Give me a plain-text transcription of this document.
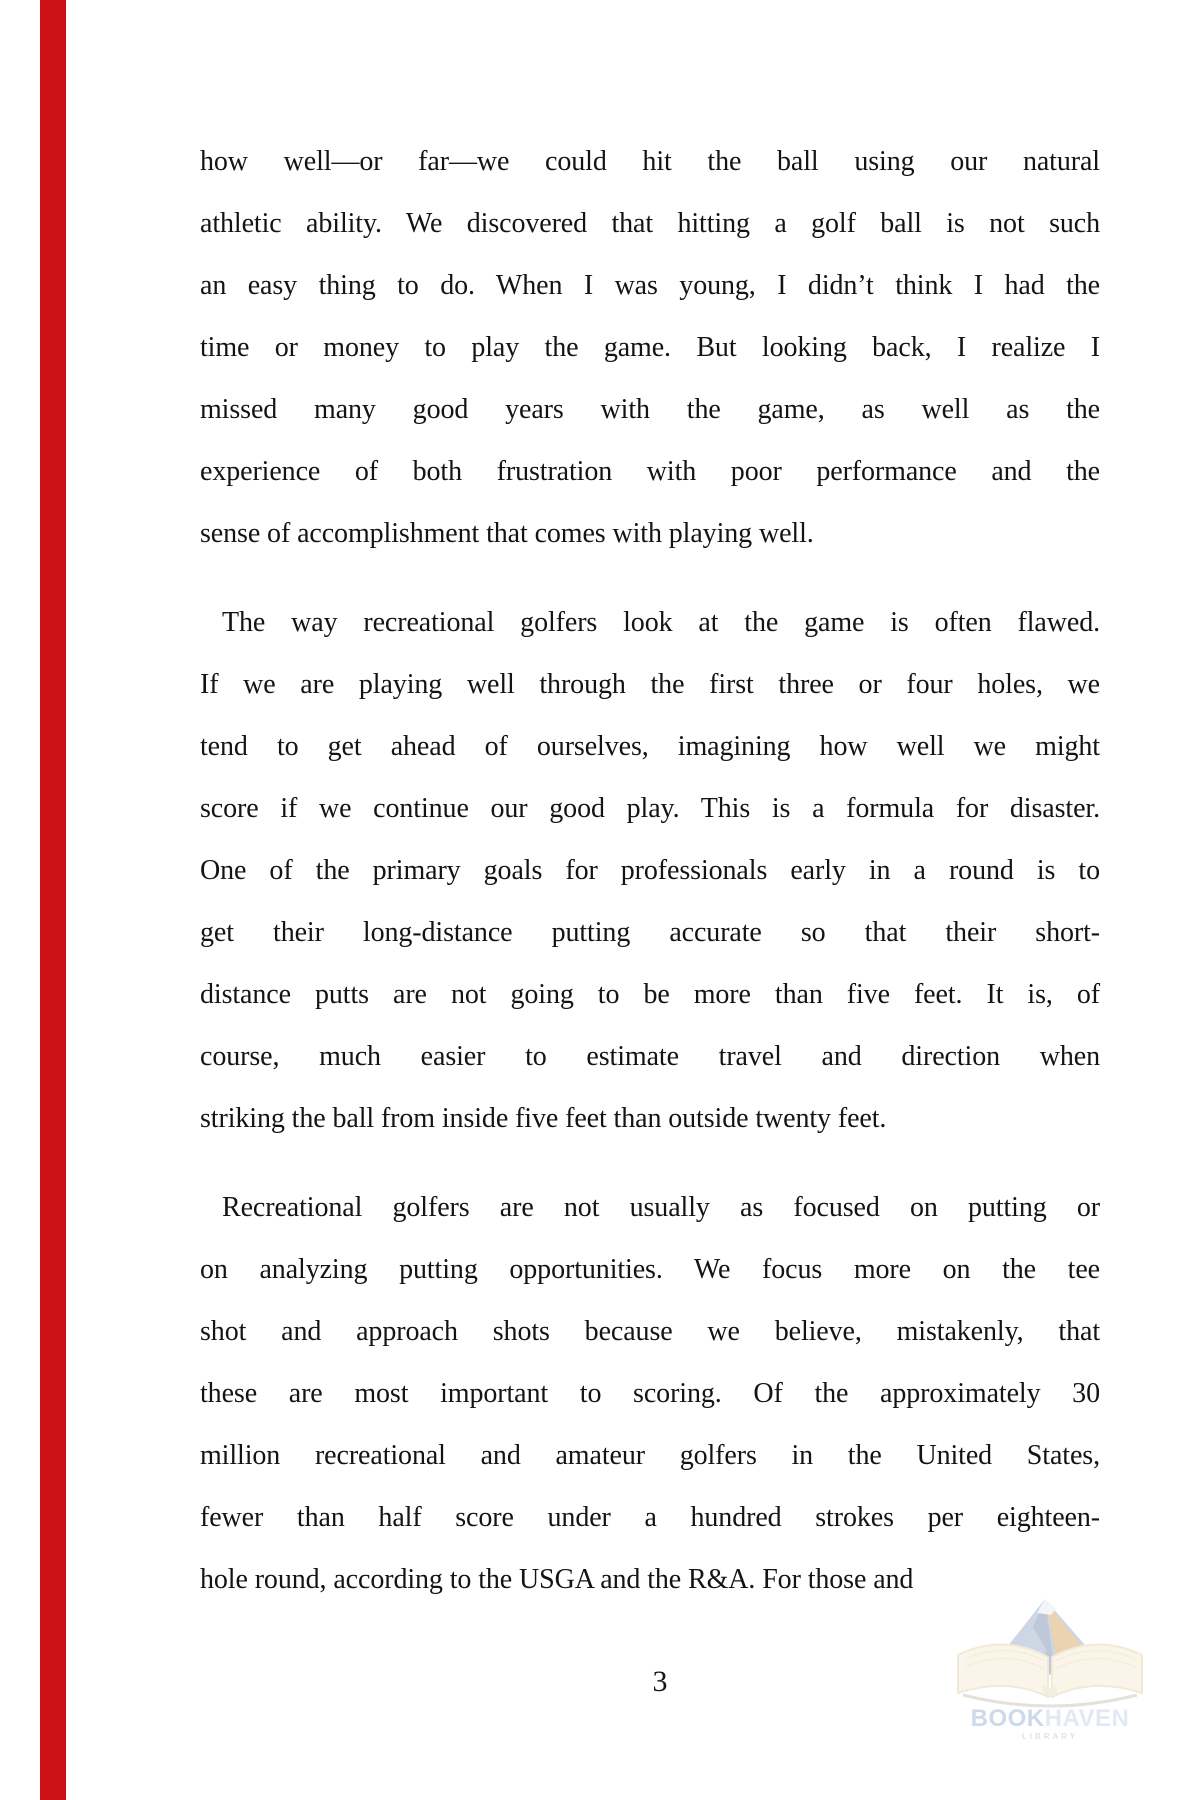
how well—or far—we could hit the ball using our natural
athletic ability. We discovered that hitting a golf ball is not such
an easy thing to do. When I was young, I didn’t think I had the
time or money to play the game. But looking back, I realize I
missed many good years with the game, as well as the
experience of both frustration with poor performance and the
sense of accomplishment that comes with playing well.
The way recreational golfers look at the game is often flawed.
If we are playing well through the first three or four holes, we
tend to get ahead of ourselves, imagining how well we might
score if we continue our good play. This is a formula for disaster.
One of the primary goals for professionals early in a round is to
get their long-distance putting accurate so that their short-
distance putts are not going to be more than five feet. It is, of
course, much easier to estimate travel and direction when
striking the ball from inside five feet than outside twenty feet.
Recreational golfers are not usually as focused on putting or
on analyzing putting opportunities. We focus more on the tee
shot and approach shots because we believe, mistakenly, that
these are most important to scoring. Of the approximately 30
million recreational and amateur golfers in the United States,
fewer than half score under a hundred strokes per eighteen-
hole round, according to the USGA and the R&A. For those and
3
BOOKHAVEN
LIBRARY
